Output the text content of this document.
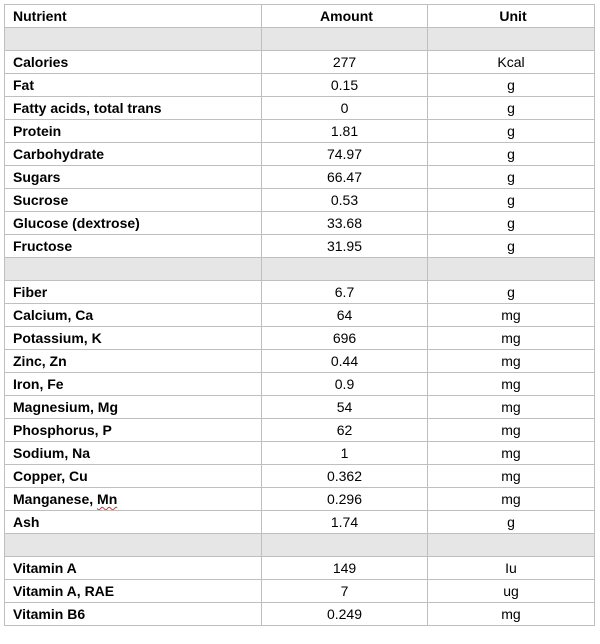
Nutrient	Amount	Unit

Calories	277	Kcal
Fat	0.15	g
Fatty acids, total trans	0	g
Protein	1.81	g
Carbohydrate	74.97	g
Sugars	66.47	g
Sucrose	0.53	g
Glucose (dextrose)	33.68	g
Fructose	31.95	g

Fiber	6.7	g
Calcium, Ca	64	mg
Potassium, K	696	mg
Zinc, Zn	0.44	mg
Iron, Fe	0.9	mg
Magnesium, Mg	54	mg
Phosphorus, P	62	mg
Sodium, Na	1	mg
Copper, Cu	0.362	mg
Manganese, Mn	0.296	mg
Ash	1.74	g

Vitamin A	149	Iu
Vitamin A, RAE	7	ug
Vitamin B6	0.249	mg
